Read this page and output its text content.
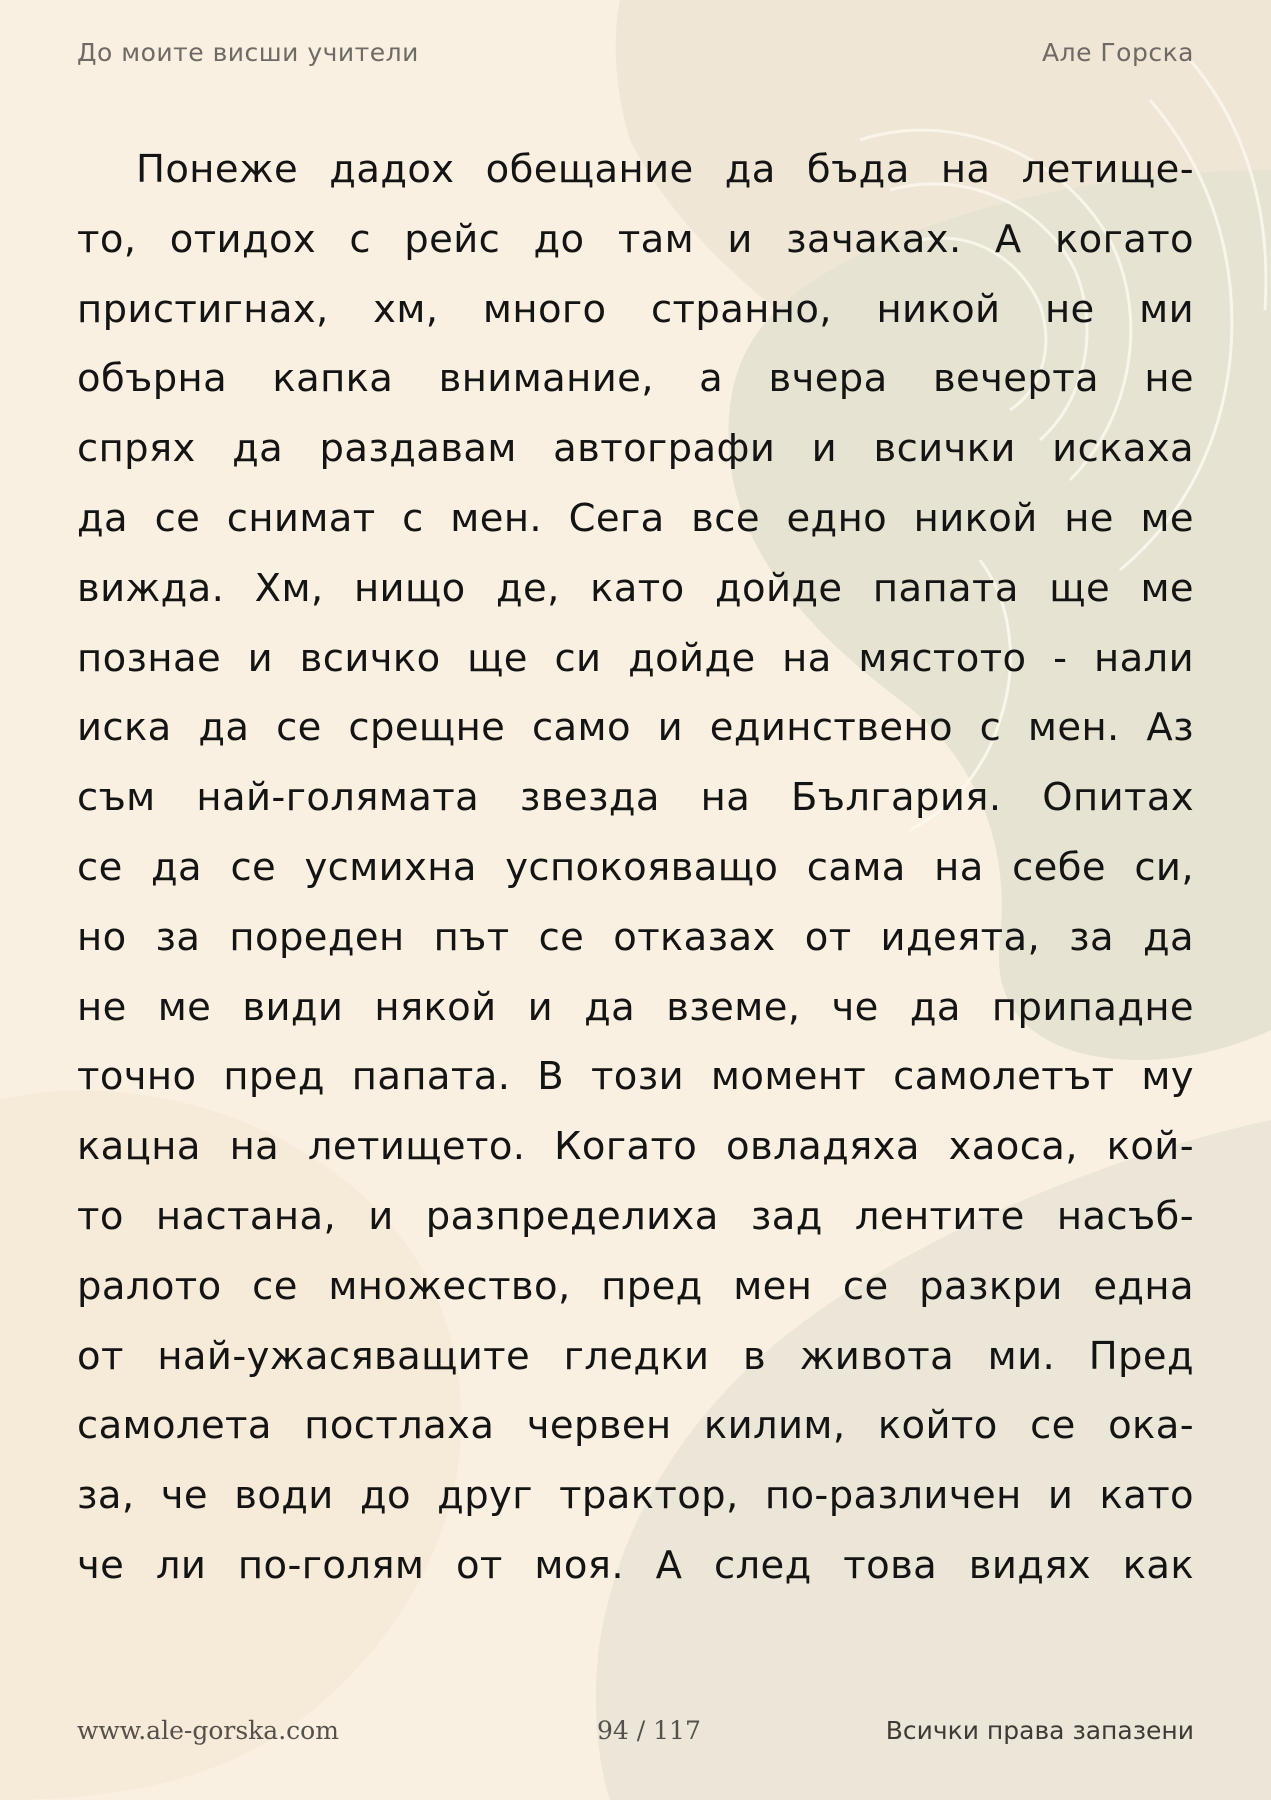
До моите висши учители	Але Горска
Понеже дадох обещание да бъда на летище-
то, отидох с рейс до там и зачаках. А когато
пристигнах, хм, много странно, никой не ми
обърна капка внимание, а вчера вечерта не
спрях да раздавам автографи и всички искаха
да се снимат с мен. Сега все едно никой не ме
вижда. Хм, нищо де, като дойде папата ще ме
познае и всичко ще си дойде на мястото - нали
иска да се срещне само и единствено с мен. Аз
съм най-голямата звезда на България. Опитах
се да се усмихна успокояващо сама на себе си,
но за пореден път се отказах от идеята, за да
не ме види някой и да вземе, че да припадне
точно пред папата. В този момент самолетът му
кацна на летището. Когато овладяха хаоса, кой-
то настана, и разпределиха зад лентите насъб-
ралото се множество, пред мен се разкри една
от най-ужасяващите гледки в живота ми. Пред
самолета постлаха червен килим, който се ока-
за, че води до друг трактор, по-различен и като
че ли по-голям от моя. А след това видях как
www.ale-gorska.com	94 / 117	Всички права запазени
